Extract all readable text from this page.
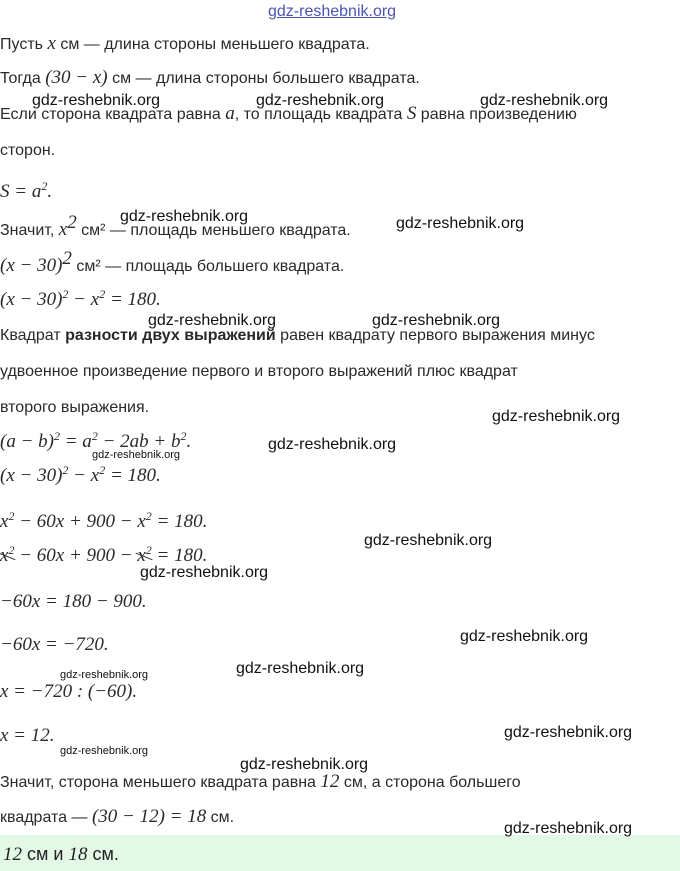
gdz-reshebnik.org
Пусть x см — длина стороны меньшего квадрата.
Тогда (30 − x) см — длина стороны большего квадрата.
Если сторона квадрата равна a, то площадь квадрата S равна произведению
сторон.
$S = a^2$.
Значит, $x^2$ см² — площадь меньшего квадрата.
$(x - 30)^2$ см² — площадь большего квадрата.
$(x - 30)^2 - x^2 = 180$.
Квадрат разности двух выражений равен квадрату первого выражения минус
удвоенное произведение первого и второго выражений плюс квадрат
второго выражения.
$(a - b)^2 = a^2 - 2ab + b^2$.
$(x - 30)^2 - x^2 = 180$.
$x^2 - 60x + 900 - x^2 = 180$.
$x^2 - 60x + 900 - x^2 = 180$.
−60x = 180 − 900.
−60x = −720.
x = −720 : (−60).
x = 12.
Значит, сторона меньшего квадрата равна 12 см, а сторона большего
квадрата — (30 − 12) = 18 см.
12 см и 18 см.
gdz-reshebnik.org	gdz-reshebnik.org	gdz-reshebnik.org
gdz-reshebnik.org	gdz-reshebnik.org
gdz-reshebnik.org	gdz-reshebnik.org
gdz-reshebnik.org
gdz-reshebnik.org
gdz-reshebnik.org
gdz-reshebnik.org
gdz-reshebnik.org
gdz-reshebnik.org
gdz-reshebnik.org
gdz-reshebnik.org
gdz-reshebnik.org
gdz-reshebnik.org
gdz-reshebnik.org
gdz-reshebnik.org
